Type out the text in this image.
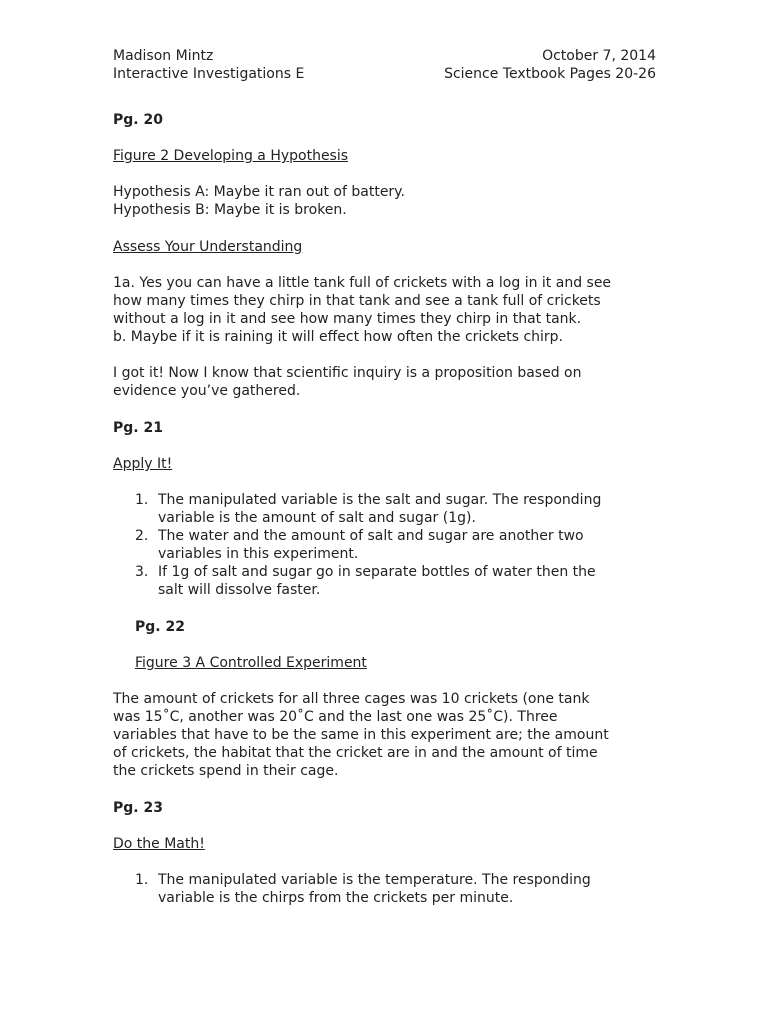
Madison Mintz	October 7, 2014
Interactive Investigations E	Science Textbook Pages 20-26
Pg. 20
Figure 2 Developing a Hypothesis
Hypothesis A: Maybe it ran out of battery.
Hypothesis B: Maybe it is broken.
Assess Your Understanding
1a. Yes you can have a little tank full of crickets with a log in it and see
how many times they chirp in that tank and see a tank full of crickets
without a log in it and see how many times they chirp in that tank.
b. Maybe if it is raining it will effect how often the crickets chirp.
I got it! Now I know that scientific inquiry is a proposition based on
evidence you’ve gathered.
Pg. 21
Apply It!
1. The manipulated variable is the salt and sugar. The responding
variable is the amount of salt and sugar (1g).
2. The water and the amount of salt and sugar are another two
variables in this experiment.
3. If 1g of salt and sugar go in separate bottles of water then the
salt will dissolve faster.
Pg. 22
Figure 3 A Controlled Experiment
The amount of crickets for all three cages was 10 crickets (one tank
was 15˚C, another was 20˚C and the last one was 25˚C). Three
variables that have to be the same in this experiment are; the amount
of crickets, the habitat that the cricket are in and the amount of time
the crickets spend in their cage.
Pg. 23
Do the Math!
1. The manipulated variable is the temperature. The responding
variable is the chirps from the crickets per minute.
